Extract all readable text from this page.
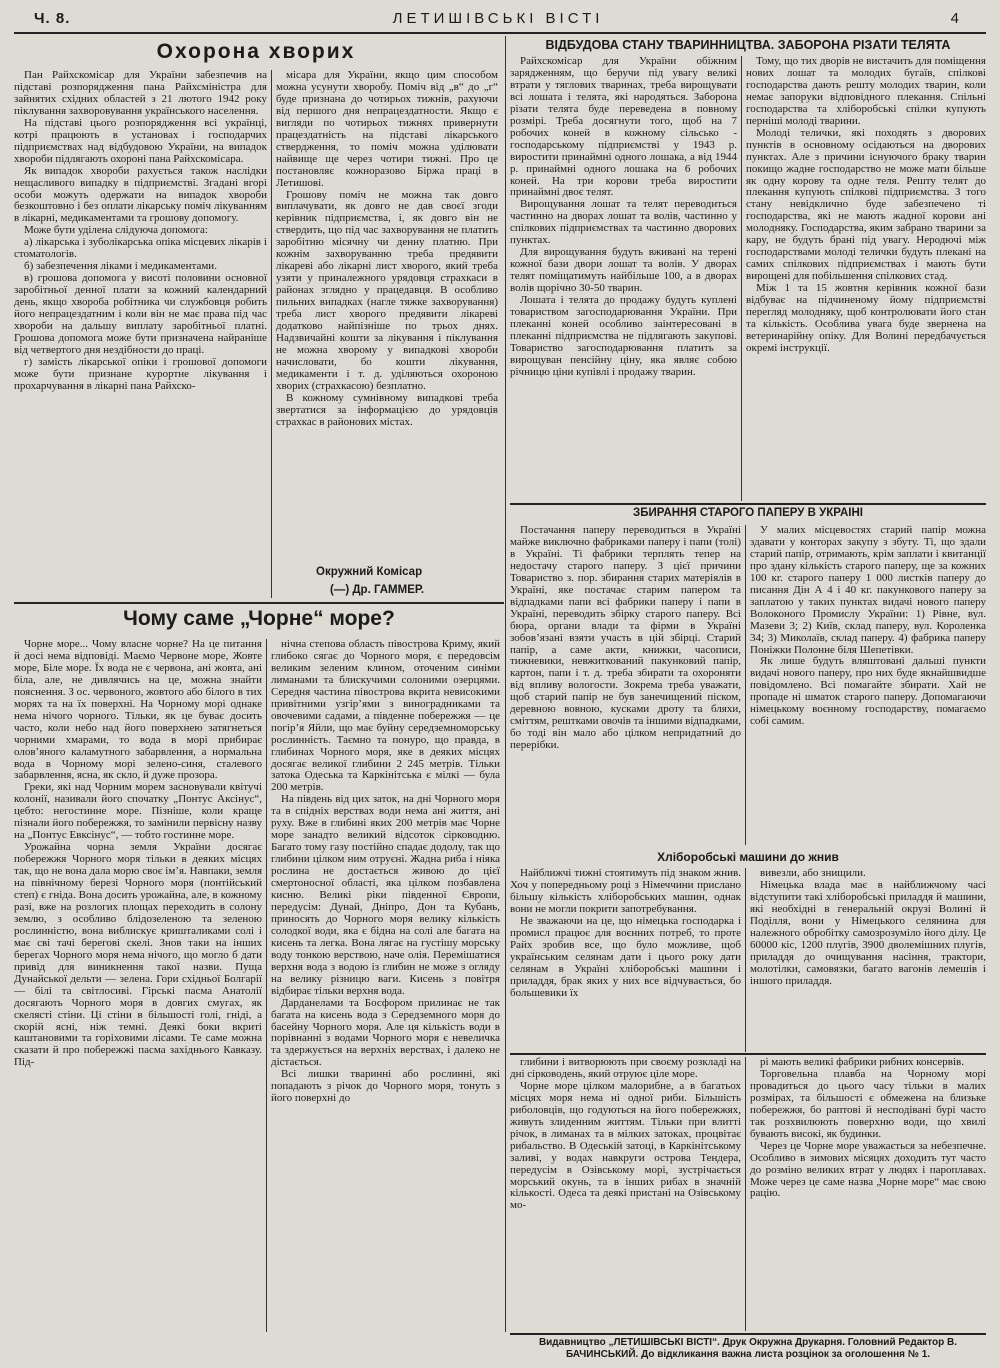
Ч. 8.	ЛЕТИШІВСЬКІ ВІСТІ	4
Охорона хворих

Пан Райхскомісар для України забезпечив на підставі розпорядження пана Райхсміністра для зайнятих східних областей з 21 лютого 1942 року піклування захворовування українського населення.

На підставі цього розпорядження всі українці, котрі працюють в установах і господарчих підприємствах над відбудовою України, на випадок хвороби підлягають охороні пана Райхскомісара.

Як випадок хвороби рахується також наслідки нещасливого випадку в підприємстві. Згадані вгорі особи можуть одержати на випадок хвороби безкоштовно і без оплати лікарську поміч лікуванням в лікарні, медикаментами та грошову допомогу.

Може бути уділена слідуюча допомога:

а) лікарська і зуболікарська опіка місцевих лікарів і стоматологів.

б) забезпечення ліками і медикаментами.

в) грошова допомога у висоті половини основної заробітньої денної плати за кожний календарний день, якщо хвороба робітника чи службовця робить його непрацездатним і коли він не має права під час хвороби на дальшу виплату заробітньої платні. Грошова допомога може бути призначена найраніше від четвертого дня нездібности до праці.

г) замість лікарської опіки і грошової допомоги може бути признане курортне лікування і прохарчування в лікарні пана Райхско-

місара для України, якщо цим способом можна усунути хворобу. Поміч від „в“ до „г“ буде признана до чотирьох тижнів, рахуючи від першого дня непрацездатности. Якщо є вигляди по чотирьох тижнях привернути працездатність на підставі лікарського ствердження, то поміч можна уділювати найвище ще через чотири тижні. Про це постановляє кожноразово Біржа праці в Летишові.

Грошову поміч не можна так довго виплачувати, як довго не дав своєї згоди керівник підприємства, і, як довго він не ствердить, що під час захворування не платить заробітню місячну чи денну платню. При кожнім захворуванню треба предявити лікареві або лікарні лист хворого, який треба узяти у приналежного урядовця страхкаси в районах згляднo у працедавця. В особливо пильних випадках (нагле тяжке захворування) треба лист хворого предявити лікареві додатково найпізніше по трьох днях. Надзвичайні кошти за лікування і піклування не можна хворому у випадкові хвороби начисловати, бо кошти лікування, медикаменти і т. д. уділяються охороною хворих (страхкасою) безплатно.

В кожному сумнівному випадкові треба звертатися за інформацією до урядовців страхкас в районових містах.

Окружний Комісар
(—) Др. ГАММЕР.
ВІДБУДОВА СТАНУ ТВАРИННИЦТВА. ЗАБОРОНА РІЗАТИ ТЕЛЯТА

Райхскомісар для України обіжним зарядженням, що беручи під увагу великі втрати у тяглових тваринах, треба вирощувати всі лошата і телята, які народяться. Заборона різати телята буде переведена в повному розмірі. Треба досягнути того, щоб на 7 робочих коней в кожному сільсько - господарському підприємстві у 1943 р. виростити принаймні одного лошака, а від 1944 р. принаймні одного лошака на 6 робочих коней. На три корови треба виростити принаймні двоє телят.

Вирощування лошат та телят переводиться частинно на дворах лошат та волів, частинно у спілкових підприємствах та частинно дворових пунктах.

Для вирощування будуть вживані на терені кожної бази двори лошат та волів. У дворах телят поміщатимуть найбільше 100, а в дворах волів щорічно 30-50 тварин.

Лошата і телята до продажу будуть куплені товариством загосподарювання України. При плеканні коней особливо заінтересовані в плеканні підприємства не підлягають закупові. Товариство загосподарювання платить за вирощуван пенсійну ціну, яка являє собою річницю ціни купівлі і продажу тварин.

Тому, що тих дворів не вистачить для поміщення нових лошат та молодих бугаїв, спілкові господарства дають решту молодих тварин, коли немає запорyки відповідного плекання. Спільні господарства та хліборобські спілки купують перніші молоді тварини.

Молоді телички, які походять з дворових пунктів в основному осідаються на дворових пунктах. Але з причини існуючого браку тварин покищо жадне господарство не може мати більше як одну корову та одне теля. Решту телят до плекання купують спілкові підприємства. З того стану невідклично буде забезпечено ті господарства, які не мають жадної корови ані молодняку. Господарства, яким забрано тварини за кару, не будуть брані під увагу. Неродючі між господарствами молоді телички будуть плекані на самих спілкових підприємствах і мають бути вирощені для побільшення спілкових стад.

Між 1 та 15 жовтня керівник кожної бази відбуває на підчиненому йому підприємстві перегляд молодняку, щоб контролювати його стан та кількість. Особлива увага буде звернена на ветеринарійну опіку. Для Волині передбачується окремі інструкції.

ЗБИРАННЯ СТАРОГО ПАПЕРУ В УКРАЇНІ

Постачання паперу переводиться в Україні майже виключно фабриками паперу і папи (толі) в Україні. Ті фабрики терплять тепер на недостачу старого паперу. З цієї причини Товариство з. пор. збирання старих матеріялів в Україні, яке постачає старим папером та відпадками папи всі фабрики паперу і папи в Україні, переводить збірку старого паперу. Всі бюра, органи влади та фірми в Україні зобов’язані взяти участь в цій збірці. Старий папір, а саме акти, книжки, часописи, тижневики, невжиткований пакунковий папір, картон, папи і т. д. треба збирати та охороняти від впливу вологости. Зокрема треба уважати, щоб старий папір не був занечищений піском, деревною вовною, кусками дроту та бляхи, сміттям, рештками овочів та іншими відпадками, бо тоді він мало або цілком непридатний до перерібки.

У малих місцевостях старий папір можна здавати у конторах закупу з збуту. Ті, що здали старий папір, отримають, крім заплати і квитанції про здану кількість старого паперу, ще за кожних 100 кг. старого паперу 1 000 листків паперу до писання Дін А 4 і 40 кг. пакункового паперу за заплатою у таких пунктах видачі нового паперу Волоконого Промислу України: 1) Рівне, вул. Мазеви 3; 2) Київ, склад паперу, вул. Короленка 34; 3) Миколаїв, склад паперу. 4) фабрика паперу Поніжки Полонне біля Шепетівки.

Як лише будуть вляштовані дальші пункти видачі нового паперу, про них буде якнайшвидше повідомлено. Всі помагайте збирати. Хай не пропаде ні шматок старого паперу. Допомагаючи німецькому воєнному господарству, помагаємо собі самим.

Хліборобські машини до жнив

Найближчі тижні стоятимуть під знаком жнив. Хоч у попередньому році з Німеччини прислано більшу кількість хліборобських машин, однак вони не могли покрити запотребування.

Не зважаючи на це, що німецька господарка і промисл працює для воєнних потреб, то проте Райх зробив все, що було можливе, щоб українським селянам дати і цього року дати селянам в Україні хліборобські машини і приладдя, брак яких у них все відчувається, бо большевики їх

вивезли, або знищили.

Німецька влада має в найближчому часі відступити такі хліборобські приладдя й машини, які необхідні в генеральній окрузі Волині й Поділля, вони у Німецького селянина для належного обробітку самозрозуміло його ділу. Це 60000 кіс, 1200 плугів, 3900 дволемішних плугів, приладдя до очищування насіння, трактори, молотілки, самовязки, багато вагонів лемешів і іншого приладдя.

Чому саме „Чорне“ море?

Чорне море... Чому власне чорне? На це питання й досі нема відповіді. Маємо Червоне море, Жовте море, Біле море. Їх вода не є червона, ані жовта, ані біла, але, не дивлячись на це, можна знайти пояснення. З ос. червоного, жовтого або білого в тих морях та на їх поверхні. На Чорному морі однаке нема нічого чорного. Тільки, як це буває досить часто, коли небо над його поверхнею затягнеться чорними хмарами, то вода в морі прибирає олов’яного каламутного забарвлення, а нормальна вода в Чорному морі зелено-синя, сталевого забарвлення, ясна, як скло, й дуже прозора.

Греки, які над Чорним морем засновували квітучі колонії, називали його спочатку „Понтус Аксінус“, цебто: негостинне море. Пізніше, коли краще пізнали його побережжя, то замінили первісну назву на „Понтус Евксінус“, — тобто гостинне море.

Урожайна чорна земля України досягає побережжя Чорного моря тільки в деяких місцях так, що не вона дала морю своє ім’я. Навпаки, земля на північному березі Чорного моря (понтійський степ) є гнідa. Вона досить урожайна, але, в кожному разі, вже на розлогих площах переходить в солону землю, з особливо блідозеленою та зеленою рослинністю, вона виблискує кришталиками солі і має сві тачі береговi скелі. Знов таки на інших берегах Чорного моря нема нічого, що могло б дати привід для виникнення такої назви. Пуща Дунайської дельти — зелена. Гори східньої Болгарії — білі та світлосиві. Гірські пасма Анатолії досягають Чорного моря в довгих смугах, як скелясті стіни. Ці стіни в більшості голі, гнідi, а скорій ясні, ніж темні. Деякі боки вкриті каштановими та горіховими лісами. Те саме можна сказати й про побережжі пасма західнього Кавказу. Під-

нічна степова область півострова Криму, який глибоко сягає до Чорного моря, є передовсім великим зеленим клином, оточеним синіми лиманами та блискучими солоними озерцями. Середня частина півострова вкрита невисокими привітними узгір’ями з виноградниками та овочевими садами, а південне побережжя — це погір’я Яйли, що має буйну середземноморську рослинність. Таємно та понуро, що правда, в глибинах Чорного моря, яке в деяких місцях досягає великої глибини 2 245 метрів. Тільки затока Одеська та Каркінітська є мілкі — була 200 метрів.

На південь від цих заток, на дні Чорного моря та в спідніх верствах води нема ані життя, ані руху. Вже в глибині яких 200 метрів має Чорне море занадто великий відсоток сірководню. Багато тому газу постійно спадає додолу, так що глибини цілком ним отруєні. Жадна риба і ніяка рослина не достається живою до цієї смертоносної області, яка цілком позбавлена кисню. Великі ріки південної Європи, передусім: Дунай, Дніпро, Дон та Кубань, приносять до Чорного моря велику кількість солодкої води, яка є бідна на солі але багата на кисень та легка. Вона лягає на густішу морську воду тонкою верствою, наче олія. Перемішатися верхня вода з водою із глибин не може з огляду на велику різницю ваги. Кисень з повітря відбирає тільки верхня вода.

Дарданелами та Босфором прилинає не так багата на кисень вода з Середземного моря до басейну Чорного моря. Але ця кількість води в порівнанні з водами Чорного моря є невеличка та здержується на верхніх верствах, і далеко не дістається.

Всі лишки тваринні або рослинні, які попадають з річок до Чорного моря, тонуть з його поверхні до

глибини і витворюють при своєму розкладі на дні сірководень, який отруює ціле море.

Чорне море цілком малорибне, а в багатьох місцях моря нема ні одної риби. Більшість риболовців, що годуються на його побережжях, живуть злиденним життям. Тільки при влитті річок, в лиманах та в мілких затоках, процвітає рибальство. В Одеській затоці, в Каркінітському заливі, у водах навкруги острова Тендера, передусім в Озівському морі, зустрічається морський окунь, та в інших рибах в значній кількості. Одеса та деякі пристані на Озівському мо-

рі мають великі фабрики рибних консервів.

Торговельна плавба на Чорному морі провадиться до цього часу тільки в малих розмірах, та більшості є обмежена на близьке побережжя, бо раптові й несподівані бурі часто так розхвилюють поверхню води, що хвилі бувають високі, як будинки.

Через це Чорне море уважається за небезпечне. Особливо в зимових місяцях доходить тут часто до розміно великих втрат у людях і пароплавах. Може через це саме назва „Чорне море“ має свою рацію.

Видавництво „ЛЕТИШІВСЬКІ ВІСТІ“. Друк Окружна Друкарня. Головний Редактор В. БАЧИНСЬКИЙ. До відкликання важна листа розцінок за оголошення № 1.
